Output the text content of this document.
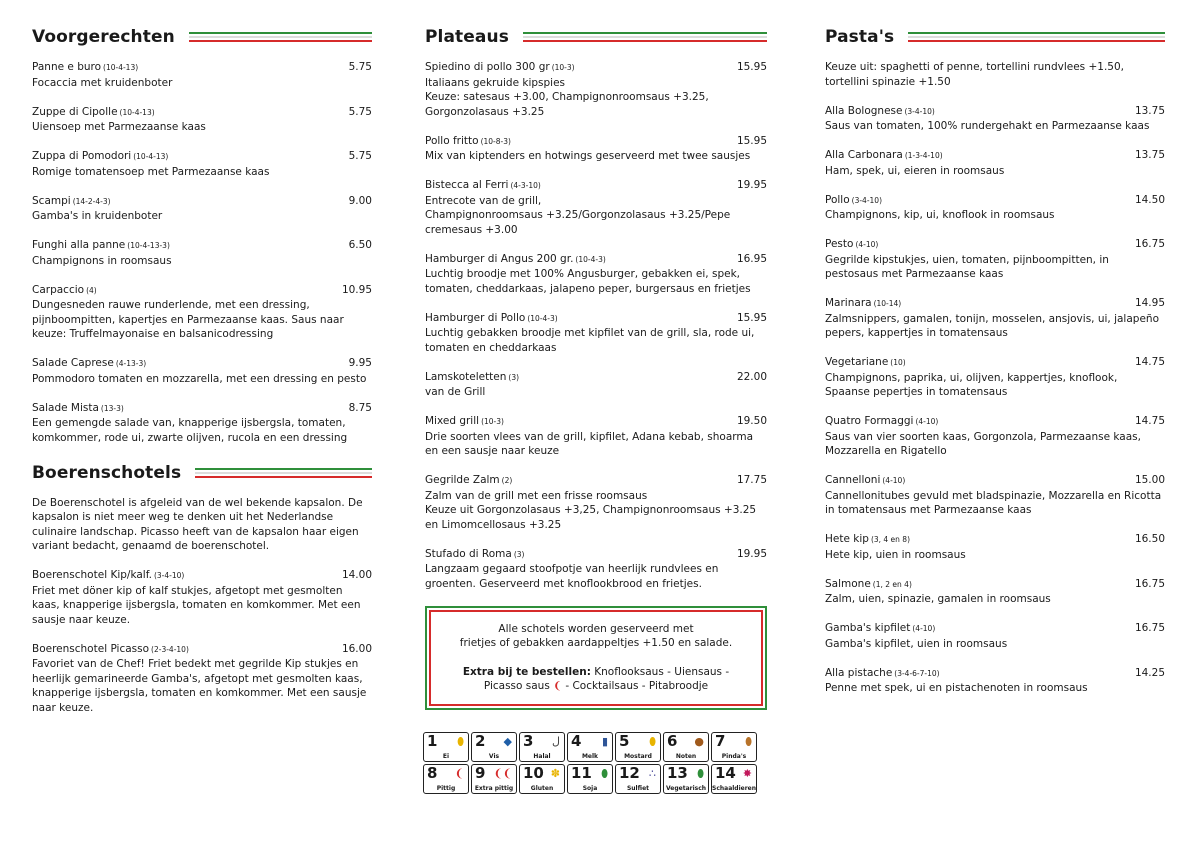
Voorgerechten
Panne e buro (10-4-13)	5.75
Focaccia met kruidenboter
Zuppe di Cipolle (10-4-13)	5.75
Uiensoep met Parmezaanse kaas
Zuppa di Pomodori (10-4-13)	5.75
Romige tomatensoep met Parmezaanse kaas
Scampi (14-2-4-3)	9.00
Gamba's in kruidenboter
Funghi alla panne (10-4-13-3)	6.50
Champignons in roomsaus
Carpaccio (4)	10.95
Dungesneden rauwe runderlende, met een dressing, pijnboompitten, kapertjes en Parmezaanse kaas. Saus naar keuze: Truffelmayonaise en balsanicodressing
Salade Caprese (4-13-3)	9.95
Pommodoro tomaten en mozzarella, met een dressing en pesto
Salade Mista (13-3)	8.75
Een gemengde salade van, knapperige ijsbergsla, tomaten, komkommer, rode ui, zwarte olijven, rucola en een dressing
Boerenschotels
De Boerenschotel is afgeleid van de wel bekende kapsalon. De kapsalon is niet meer weg te denken uit het Nederlandse culinaire landschap. Picasso heeft van de kapsalon haar eigen variant bedacht, genaamd de boerenschotel.
Boerenschotel Kip/kalf. (3-4-10)	14.00
Friet met döner kip of kalf stukjes, afgetopt met gesmolten kaas, knapperige ijsbergsla, tomaten en komkommer. Met een sausje naar keuze.
Boerenschotel Picasso (2-3-4-10)	16.00
Favoriet van de Chef! Friet bedekt met gegrilde Kip stukjes en heerlijk gemarineerde Gamba's, afgetopt met gesmolten kaas, knapperige ijsbergsla, tomaten en komkommer. Met een sausje naar keuze.
Plateaus
Spiedino di pollo 300 gr (10-3)	15.95
Italiaans gekruide kipspies
Keuze: satesaus +3.00, Champignonroomsaus +3.25, Gorgonzolasaus +3.25
Pollo fritto (10-8-3)	15.95
Mix van kiptenders en hotwings geserveerd met twee sausjes
Bistecca al Ferri (4-3-10)	19.95
Entrecote van de grill,
Champignonroomsaus +3.25/Gorgonzolasaus +3.25/Pepe cremesaus +3.00
Hamburger di Angus 200 gr. (10-4-3)	16.95
Luchtig broodje met 100% Angusburger, gebakken ei, spek, tomaten, cheddarkaas, jalapeno peper, burgersaus en frietjes
Hamburger di Pollo (10-4-3)	15.95
Luchtig gebakken broodje met kipfilet van de grill, sla, rode ui, tomaten en cheddarkaas
Lamskoteletten (3)	22.00
van de Grill
Mixed grill (10-3)	19.50
Drie soorten vlees van de grill, kipfilet, Adana kebab, shoarma en een sausje naar keuze
Gegrilde Zalm (2)	17.75
Zalm van de grill met een frisse roomsaus
Keuze uit Gorgonzolasaus +3,25, Champignonroomsaus +3.25 en Limomcellosaus +3.25
Stufado di Roma (3)	19.95
Langzaam gegaard stoofpotje van heerlijk rundvlees en groenten. Geserveerd met knoflookbrood en frietjes.

Alle schotels worden geserveerd met

frietjes of gebakken aardappeltjes +1.50 en salade.

Extra bij te bestellen: Knoflooksaus - Uiensaus -

Picasso saus ❨ - Cocktailsaus - Pitabroodje

Pasta's
Keuze uit: spaghetti of penne, tortellini rundvlees +1.50, tortellini spinazie +1.50
Alla Bolognese (3-4-10)	13.75
Saus van tomaten, 100% rundergehakt en Parmezaanse kaas
Alla Carbonara (1-3-4-10)	13.75
Ham, spek, ui, eieren in roomsaus
Pollo (3-4-10)	14.50
Champignons, kip, ui, knoflook in roomsaus
Pesto (4-10)	16.75
Gegrilde kipstukjes, uien, tomaten, pijnboompitten, in pestosaus met Parmezaanse kaas
Marinara (10-14)	14.95
Zalmsnippers, gamalen, tonijn, mosselen, ansjovis, ui, jalapeño pepers, kappertjes in tomatensaus
Vegetariane (10)	14.75
Champignons, paprika, ui, olijven, kappertjes, knoflook, Spaanse pepertjes in tomatensaus
Quatro Formaggi (4-10)	14.75
Saus van vier soorten kaas, Gorgonzola, Parmezaanse kaas, Mozzarella en Rigatello
Cannelloni (4-10)	15.00
Cannellonitubes gevuld met bladspinazie, Mozzarella en Ricotta in tomatensaus met Parmezaanse kaas
Hete kip (3, 4 en 8)	16.50
Hete kip, uien in roomsaus
Salmone (1, 2 en 4)	16.75
Zalm, uien, spinazie, gamalen in roomsaus
Gamba's kipfilet (4-10)	16.75
Gamba's kipfilet, uien in roomsaus
Alla pistache (3-4-6-7-10)	14.25
Penne met spek, ui en pistachenoten in roomsaus
1 ⬮
Ei
2 ◆
Vis
3 ل
Halal
4 ▮
Melk
5 ⬮
Mostard
6 ●
Noten
7 ⬮
Pinda's
8 ❨
Pittig
9 ❨❨
Extra pittig
10 ✽
Gluten
11 ⬮
Soja
12 ∴
Sulfiet
13 ⬮
Vegetarisch
14 ✸
Schaaldieren
